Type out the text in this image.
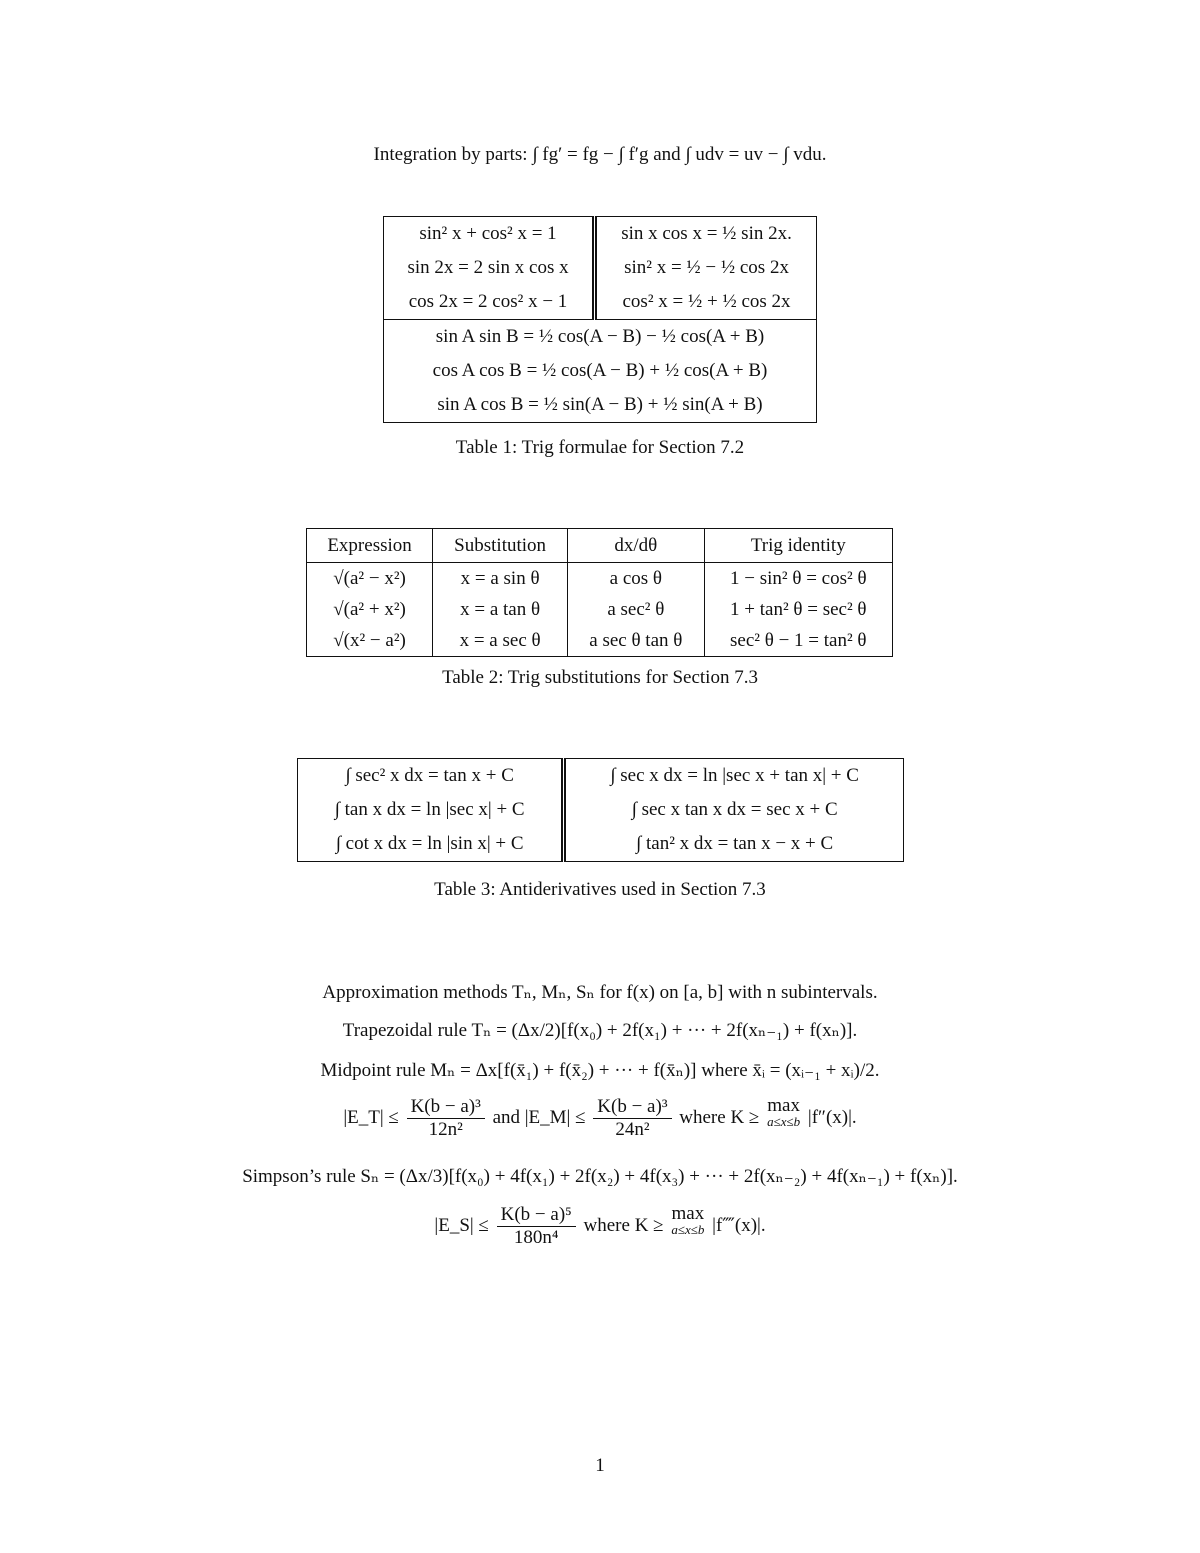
Integration by parts: ∫ fg′ = fg − ∫ f′g and ∫ udv = uv − ∫ vdu.
sin² x + cos² x = 1	sin x cos x = ½ sin 2x.
sin 2x = 2 sin x cos x	sin² x = ½ − ½ cos 2x
cos 2x = 2 cos² x − 1	cos² x = ½ + ½ cos 2x
sin A sin B = ½ cos(A − B) − ½ cos(A + B)	
cos A cos B = ½ cos(A − B) + ½ cos(A + B)	
sin A cos B = ½ sin(A − B) + ½ sin(A + B)	
Table 1: Trig formulae for Section 7.2
Expression	Substitution	dx/dθ	Trig identity
√(a² − x²)	x = a sin θ	a cos θ	1 − sin² θ = cos² θ
√(a² + x²)	x = a tan θ	a sec² θ	1 + tan² θ = sec² θ
√(x² − a²)	x = a sec θ	a sec θ tan θ	sec² θ − 1 = tan² θ
Table 2: Trig substitutions for Section 7.3
∫ sec² x dx = tan x + C	∫ sec x dx = ln |sec x + tan x| + C
∫ tan x dx = ln |sec x| + C	∫ sec x tan x dx = sec x + C
∫ cot x dx = ln |sin x| + C	∫ tan² x dx = tan x − x + C
Table 3: Antiderivatives used in Section 7.3
Approximation methods Tₙ, Mₙ, Sₙ for f(x) on [a, b] with n subintervals.
Trapezoidal rule Tₙ = (Δx/2)[f(x₀) + 2f(x₁) + ··· + 2f(xₙ₋₁) + f(xₙ)].
Midpoint rule Mₙ = Δx[f(x̄₁) + f(x̄₂) + ··· + f(x̄ₙ)] where x̄ᵢ = (xᵢ₋₁ + xᵢ)/2.
|E_T| ≤ $\frac{\text{K(b − a)³}}{\text{12n²}}$ and |E_M| ≤ $\frac{\text{K(b − a)³}}{\text{24n²}}$ where K ≥ max
a≤x≤b |f″(x)|.
Simpson’s rule Sₙ = (Δx/3)[f(x₀) + 4f(x₁) + 2f(x₂) + 4f(x₃) + ··· + 2f(xₙ₋₂) + 4f(xₙ₋₁) + f(xₙ)].
|E_S| ≤ $\frac{\text{K(b − a)⁵}}{\text{180n⁴}}$ where K ≥ max
a≤x≤b |f⁗(x)|.
1
